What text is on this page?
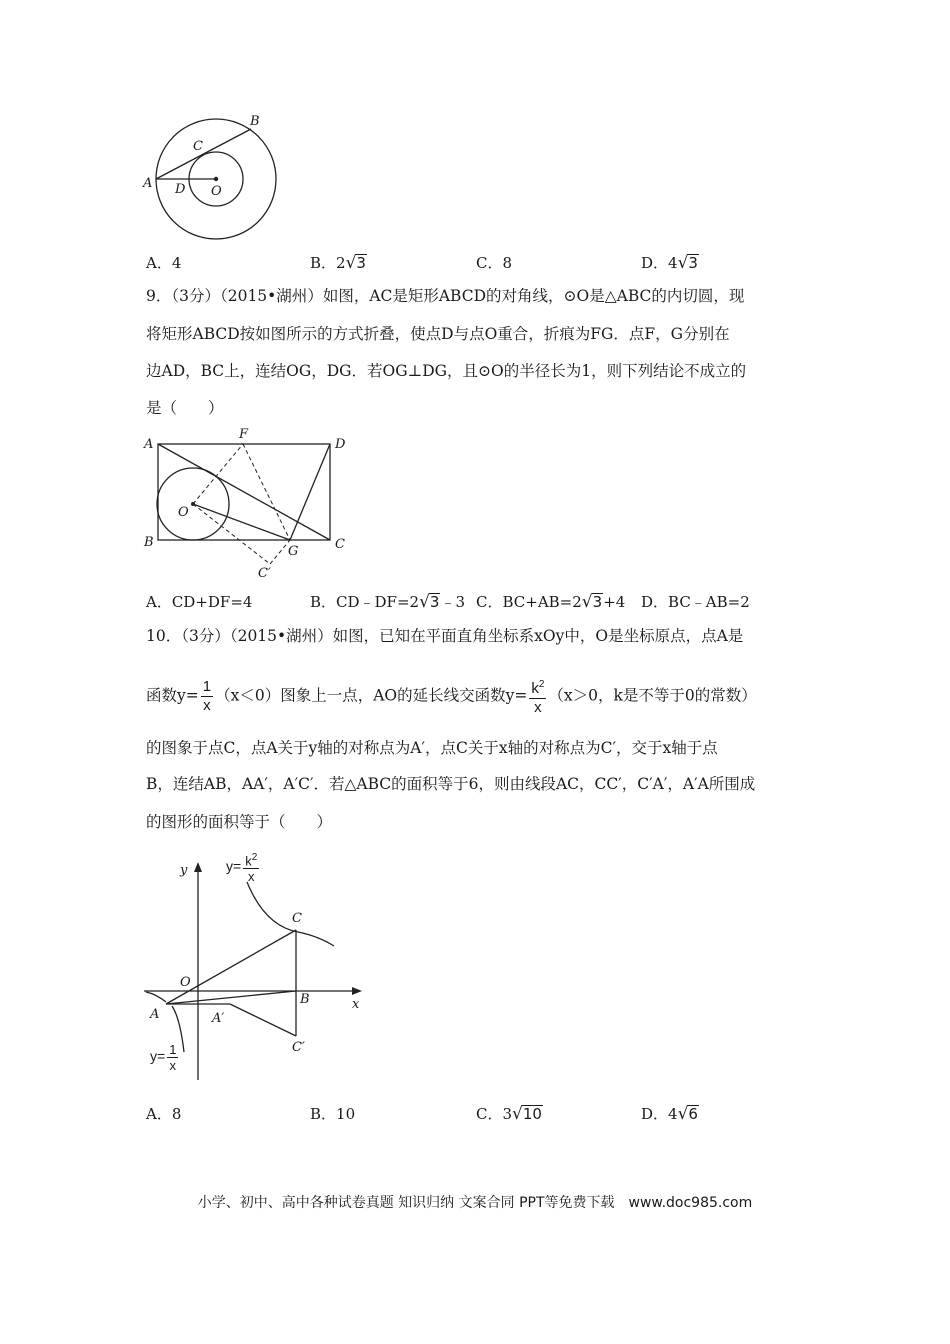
A
B
C
D O
A．4	B．2√3	C．8	D．4√3
9．（3分）（2015•湖州）如图，AC是矩形ABCD的对角线，⊙O是△ABC的内切圆，现
将矩形ABCD按如图所示的方式折叠，使点D与点O重合，折痕为FG．点F，G分别在
边AD，BC上，连结OG，DG．若OG⊥DG，且⊙O的半径长为1，则下列结论不成立的
是（　　）
A
F
D
O
B
G	C
C′
A．CD+DF=4	B．CD﹣DF=2√3﹣3 C．BC+AB=2√3+4 D．BC﹣AB=2
10．（3分）（2015•湖州）如图，已知在平面直角坐标系xOy中，O是坐标原点，点A是
函数$y= \frac{1}{x} (x<0)$图象上一点，AO的延长线交函数$y= \frac{k^2}{x} (x>0$，k是不等于0的常数）
的图象于点C，点A关于y轴的对称点为A′，点C关于x轴的对称点为C′，交于x轴于点
B，连结AB，AA′，A′C′．若△ABC的面积等于6，则由线段AC，CC′，C′A′，A′A所围成
的图形的面积等于（　　）
y
x
O
C
B
A	A′
C′
$y= \frac{k^2}{x}$
$y= \frac{1}{x}$
A．8	B．10	C．3√10	D．4√6
小学、初中、高中各种试卷真题 知识归纳 文案合同 PPT等免费下载　www.doc985.com
